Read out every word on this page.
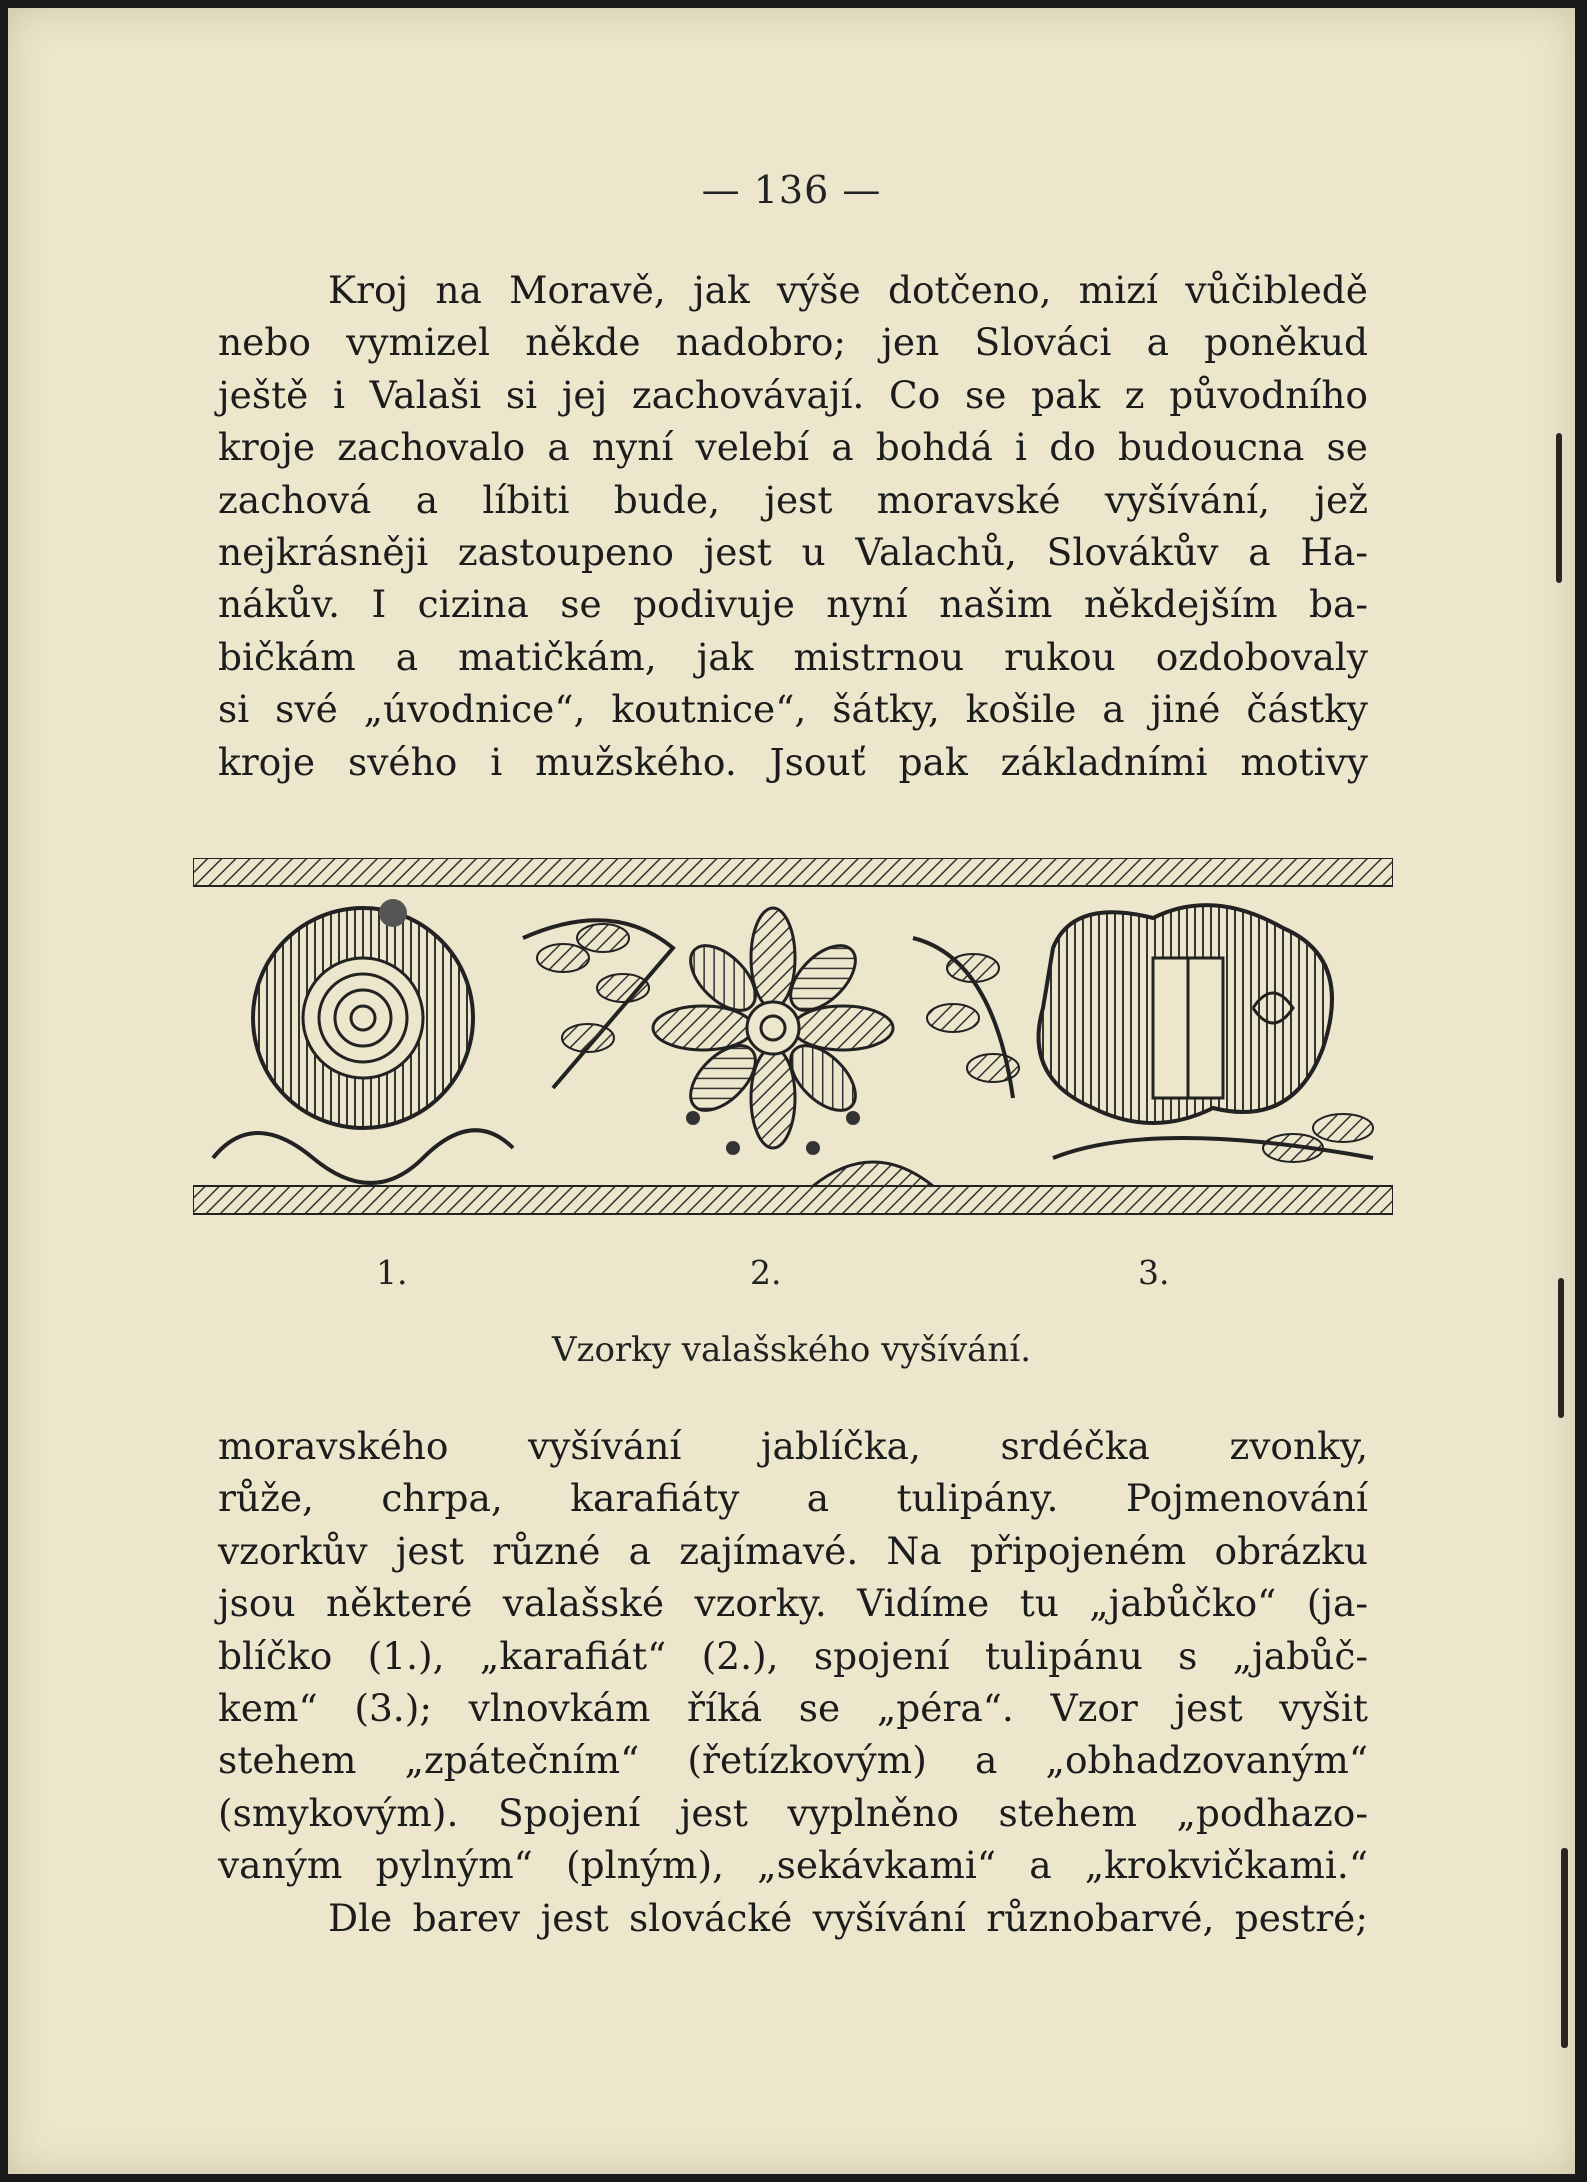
— 136 —
Kroj na Moravě, jak výše dotčeno, mizí vůčibledě
nebo vymizel někde nadobro; jen Slováci a poněkud
ještě i Valaši si jej zachovávají. Co se pak z původního
kroje zachovalo a nyní velebí a bohdá i do budoucna se
zachová a líbiti bude, jest moravské vyšívání, jež
nejkrásněji zastoupeno jest u Valachů, Slovákův a Ha-
nákův. I cizina se podivuje nyní našim někdejším ba-
bičkám a matičkám, jak mistrnou rukou ozdobovaly
si své „úvodnice“, koutnice“, šátky, košile a jiné částky
kroje svého i mužského. Jsouť pak základními motivy
1.	2.	3.
Vzorky valašského vyšívání.
moravského vyšívání jablíčka, srdéčka zvonky,
růže, chrpa, karafiáty a tulipány. Pojmenování
vzorkův jest různé a zajímavé. Na připojeném obrázku
jsou některé valašské vzorky. Vidíme tu „jabůčko“ (ja-
blíčko (1.), „karafiát“ (2.), spojení tulipánu s „jabůč-
kem“ (3.); vlnovkám říká se „péra“. Vzor jest vyšit
stehem „zpátečním“ (řetízkovým) a „obhadzovaným“
(smykovým). Spojení jest vyplněno stehem „podhazo-
vaným pylným“ (plným), „sekávkami“ a „krokvičkami.“
Dle barev jest slovácké vyšívání různobarvé, pestré;
